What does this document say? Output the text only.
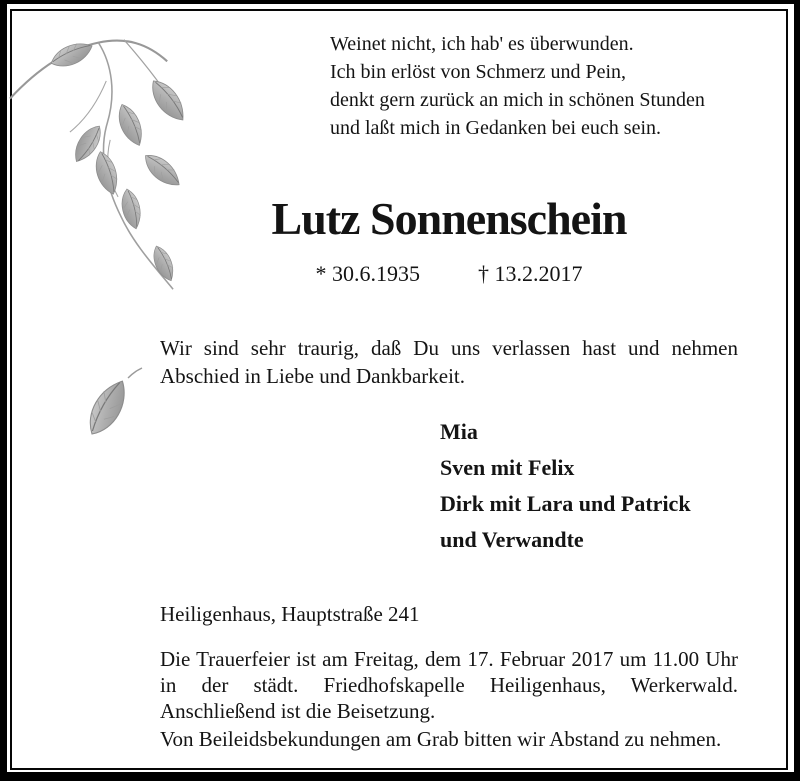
Weinet nicht, ich hab' es überwunden.
Ich bin erlöst von Schmerz und Pein,
denkt gern zurück an mich in schönen Stunden
und laßt mich in Gedanken bei euch sein.
Lutz Sonnenschein
* 30.6.1935	† 13.2.2017
Wir sind sehr traurig, daß Du uns verlassen hast und nehmen Abschied in Liebe und Dankbarkeit.
Mia
Sven mit Felix
Dirk mit Lara und Patrick
und Verwandte
Heiligenhaus, Hauptstraße 241
Die Trauerfeier ist am Freitag, dem 17. Februar 2017 um 11.00 Uhr in der städt. Friedhofskapelle Heiligenhaus, Werkerwald. Anschließend ist die Beisetzung.
Von Beileidsbekundungen am Grab bitten wir Abstand zu nehmen.
